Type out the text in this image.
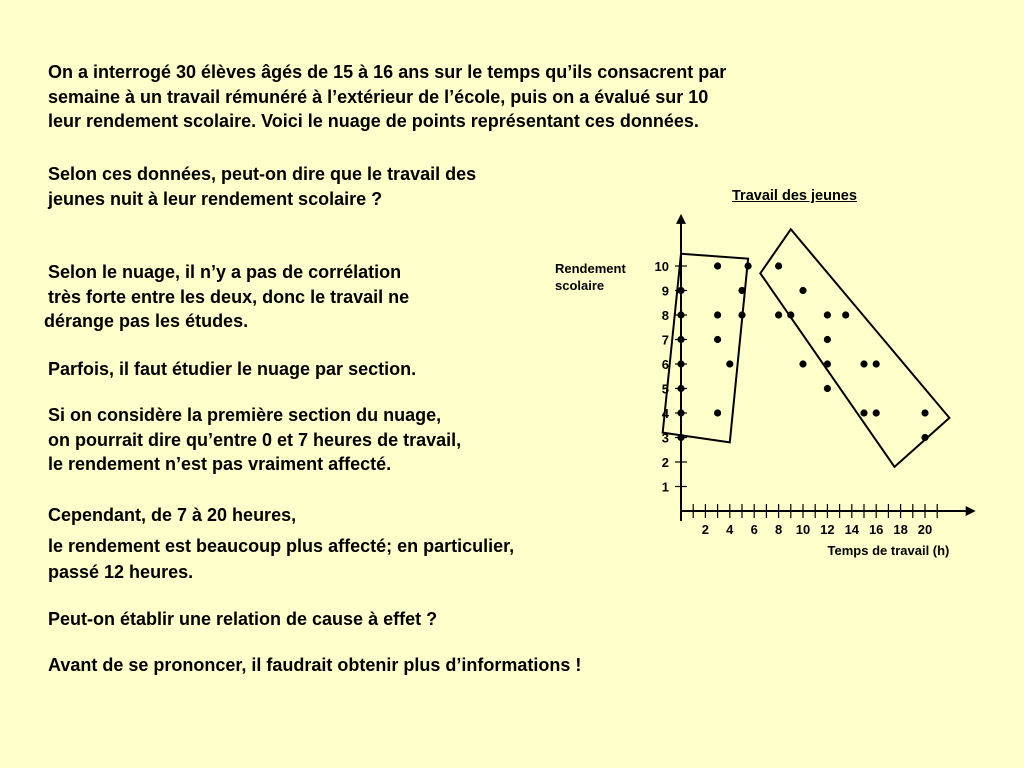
On a interrogé 30 élèves âgés de 15 à 16 ans sur le temps qu’ils consacrent par
semaine à un travail rémunéré à l’extérieur de l’école, puis on a évalué sur 10
leur rendement scolaire. Voici le nuage de points représentant ces données.
Selon ces données, peut-on dire que le travail des
jeunes nuit à leur rendement scolaire ?
Selon le nuage, il n’y a pas de corrélation
très forte entre les deux, donc le travail ne
dérange pas les études.
Parfois, il faut étudier le nuage par section.
Si on considère la première section du nuage,
on pourrait dire qu’entre 0 et 7 heures de travail,
le rendement n’est pas vraiment affecté.
Cependant, de 7 à 20 heures,
le rendement est beaucoup plus affecté; en particulier,
passé 12 heures.
Peut-on établir une relation de cause à effet ?
Avant de se prononcer, il faudrait obtenir plus d’informations !
Travail des jeunes
2 4 6 8 10 12 14 16 18 20
1
2
3
4
5
6
7
8
9
10
Temps de travail (h)
Rendement
scolaire
